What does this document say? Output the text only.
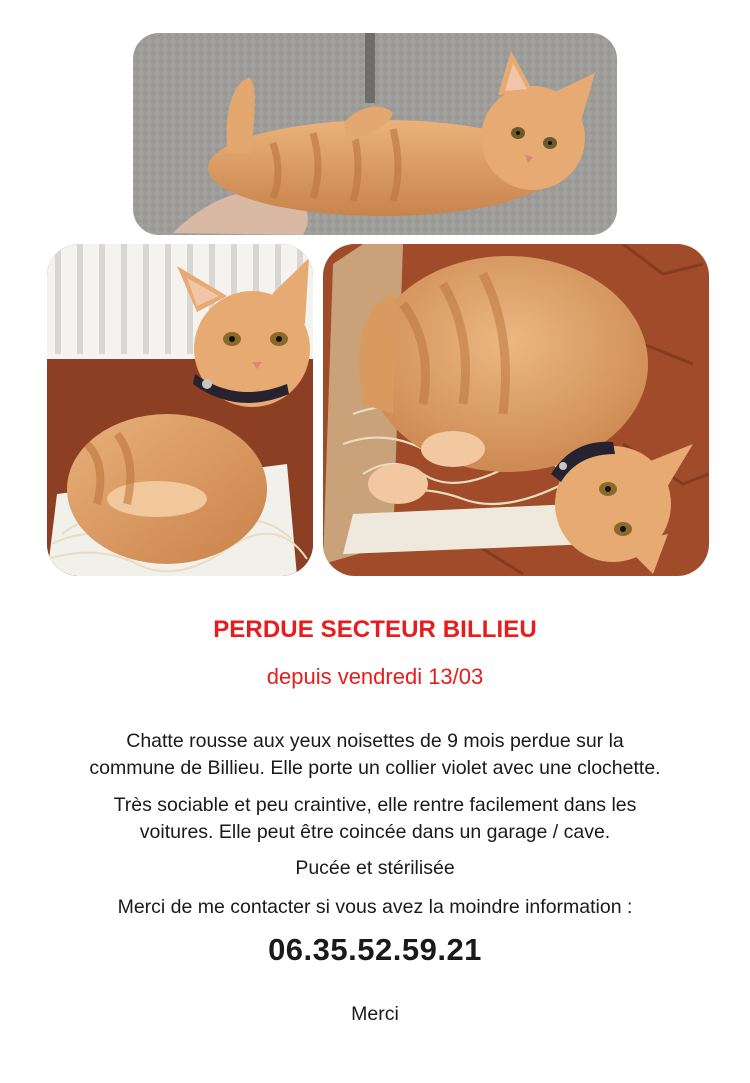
PERDUE SECTEUR BILLIEU
depuis vendredi 13/03
Chatte rousse aux yeux noisettes de 9 mois perdue sur la
commune de Billieu. Elle porte un collier violet avec une clochette.
Très sociable et peu craintive, elle rentre facilement dans les
voitures. Elle peut être coincée dans un garage / cave.
Pucée et stérilisée
Merci de me contacter si vous avez la moindre information :
06.35.52.59.21
Merci
